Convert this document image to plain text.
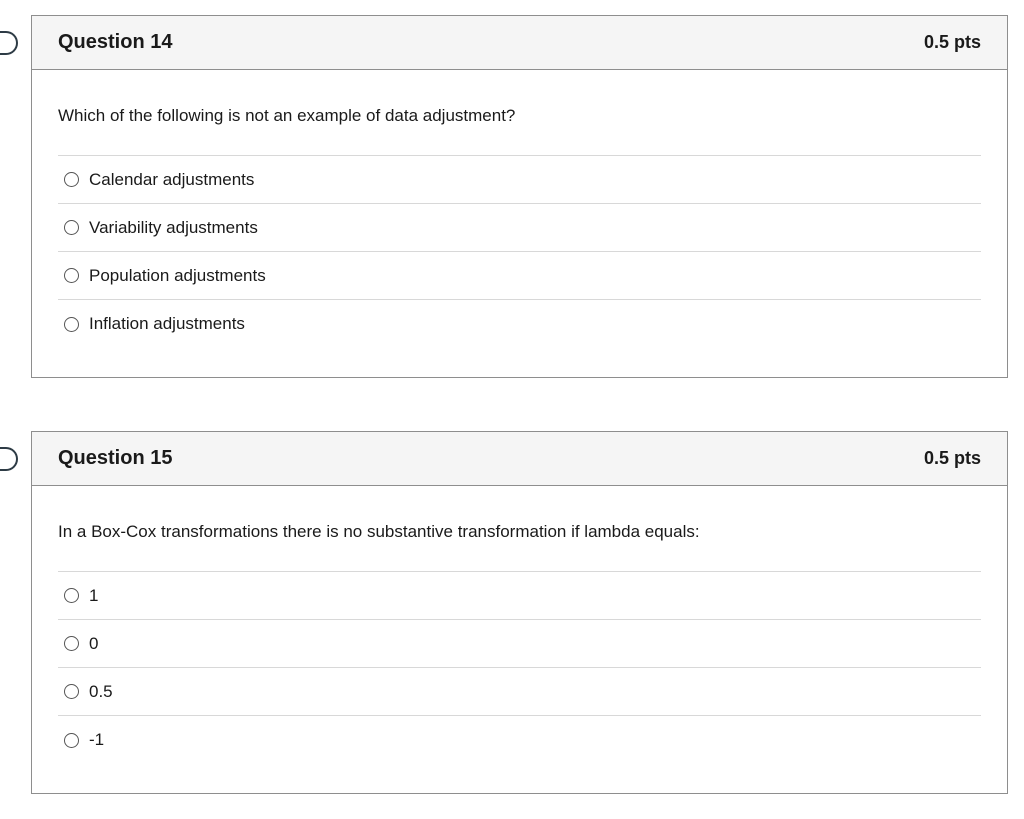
Question 14	0.5 pts

Which of the following is not an example of data adjustment?

Calendar adjustments
Variability adjustments
Population adjustments
Inflation adjustments
Question 15	0.5 pts

In a Box-Cox transformations there is no substantive transformation if lambda equals:

1
0
0.5
-1
